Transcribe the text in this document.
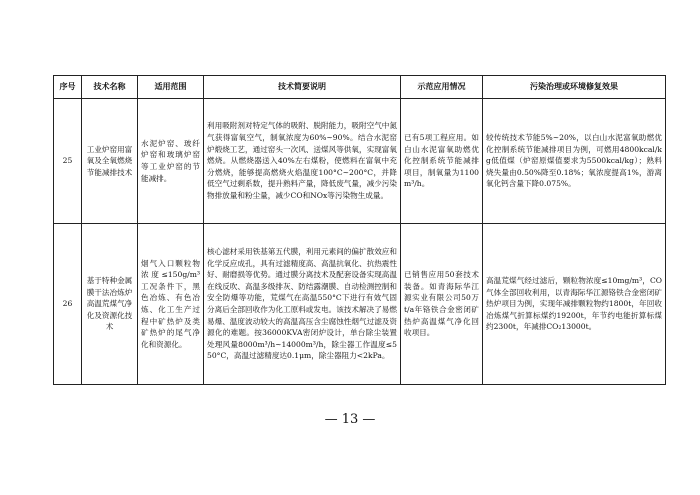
序号	技术名称	适用范围	技术简要说明	示范应用情况	污染治理或环境修复效果
25	工业炉窑用富氧及全氧燃烧节能减排技术	水泥炉窑、玻纤炉窑和玻璃炉窑等工业炉窑的节能减排。	利用吸附剂对特定气体的吸附、脱附能力，吸附空气中氮气获得富氧空气，制氧浓度为60%~90%。结合水泥窑炉煅烧工艺，通过窑头一次风、送煤风等供氧，实现富氧燃烧。从燃烧器送入40%左右煤粉，使燃料在富氧中充分燃烧，能够提高燃烧火焰温度100°C~200°C，并降低空气过剩系数，提升熟料产量，降低废气量，减少污染物排放量和粉尘量，减少CO和NOx等污染物生成量。	已有5项工程应用。如白山水泥富氧助燃优化控制系统节能减排项目，制氧量为1100m³/h。	较传统技术节能5%~20%，以白山水泥富氧助燃优化控制系统节能减排项目为例，可燃用4800kcal/kg低值煤（炉窑原煤值要求为5500kcal/kg）；熟料烧失量由0.50%降至0.18%；氧浓度提高1%，游离氧化钙含量下降0.075%。
26	基于特种金属膜干法冶炼炉高温荒煤气净化及资源化技术	烟气入口颗粒物浓度≤150g/m³工况条件下，黑色冶炼、有色冶炼、化工生产过程中矿热炉及类矿热炉的尾气净化和资源化。	核心滤材采用铁基第五代膜，利用元素间的偏扩散效应和化学反应成孔，具有过滤精度高、高温抗氧化、抗热震性好、耐磨损等优势。通过膜分离技术及配套设备实现高温在线反吹、高温多级排灰、防结露潮膜、自动检测控制和安全防爆等功能，荒煤气在高温550°C下进行有效气固分离后全部回收作为化工原料或发电。该技术解决了易燃易爆、温度波动较大的高温高压含尘腐蚀性烟气过滤及资源化的难题。按36000KVA密闭炉设计，单台除尘装置处理风量8000m³/h~14000m³/h，除尘器工作温度≤550°C，高温过滤精度达0.1μm，除尘器阻力<2kPa。	已销售应用50套技术装备。如青海际华江源实业有限公司50万t/a年铬铁合金密闭矿热炉高温煤气净化回收项目。	高温荒煤气经过滤后，颗粒物浓度≤10mg/m³，CO气体全部回收利用，以青海际华江源铬铁合金密闭矿热炉项目为例，实现年减排颗粒物约1800t，年回收冶炼煤气折算标煤约19200t，年节约电能折算标煤约2300t，年减排CO₂13000t。
— 13 —
